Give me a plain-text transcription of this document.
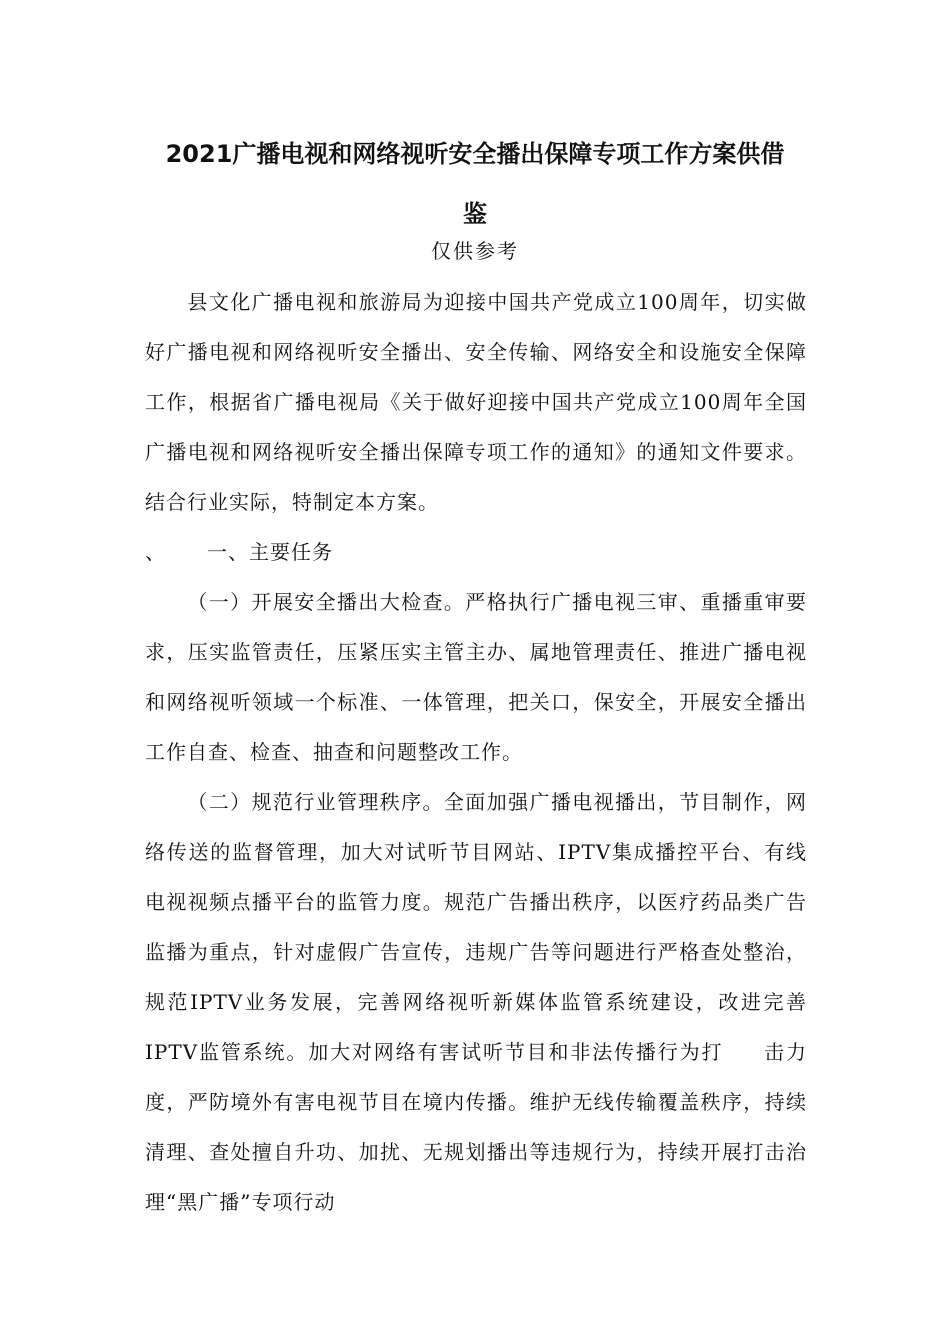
2021广播电视和网络视听安全播出保障专项工作方案供借
鉴
仅供参考

县文化广播电视和旅游局为迎接中国共产党成立100周年，切实做好广播电视和网络视听安全播出、安全传输、网络安全和设施安全保障工作，根据省广播电视局《关于做好迎接中国共产党成立100周年全国广播电视和网络视听安全播出保障专项工作的通知》的通知文件要求。结合行业实际，特制定本方案。

、 一、主要任务

（一）开展安全播出大检查。严格执行广播电视三审、重播重审要求，压实监管责任，压紧压实主管主办、属地管理责任、推进广播电视和网络视听领域一个标准、一体管理，把关口，保安全，开展安全播出工作自查、检查、抽查和问题整改工作。

（二）规范行业管理秩序。全面加强广播电视播出，节目制作，网络传送的监督管理，加大对试听节目网站、IPTV集成播控平台、有线电视视频点播平台的监管力度。规范广告播出秩序，以医疗药品类广告监播为重点，针对虚假广告宣传，违规广告等问题进行严格查处整治，规范IPTV业务发展，完善网络视听新媒体监管系统建设，改进完善IPTV监管系统。加大对网络有害试听节目和非法传播行为打 击力度，严防境外有害电视节目在境内传播。维护无线传输覆盖秩序，持续清理、查处擅自升功、加扰、无规划播出等违规行为，持续开展打击治理“黑广播”专项行动
